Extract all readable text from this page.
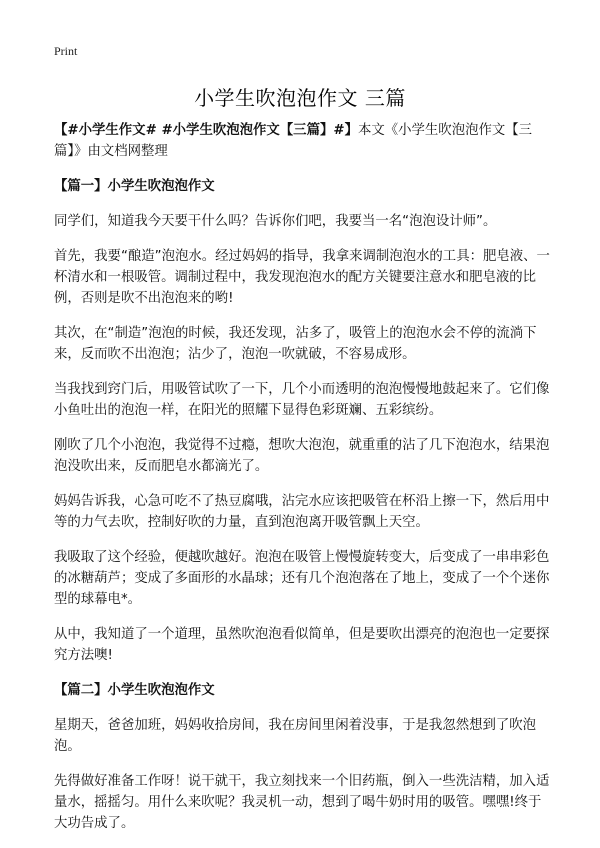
Print
小学生吹泡泡作文 三篇

【#小学生作文# #小学生吹泡泡作文【三篇】#】本文《小学生吹泡泡作文【三篇】》由文档网整理

【篇一】小学生吹泡泡作文

同学们，知道我今天要干什么吗？告诉你们吧，我要当一名“泡泡设计师”。

首先，我要“酿造”泡泡水。经过妈妈的指导，我拿来调制泡泡水的工具：肥皂液、一杯清水和一根吸管。调制过程中，我发现泡泡水的配方关键要注意水和肥皂液的比例，否则是吹不出泡泡来的哟!

其次，在“制造”泡泡的时候，我还发现，沾多了，吸管上的泡泡水会不停的流淌下来，反而吹不出泡泡；沾少了，泡泡一吹就破，不容易成形。

当我找到窍门后，用吸管试吹了一下，几个小而透明的泡泡慢慢地鼓起来了。它们像小鱼吐出的泡泡一样，在阳光的照耀下显得色彩斑斓、五彩缤纷。

刚吹了几个小泡泡，我觉得不过瘾，想吹大泡泡，就重重的沾了几下泡泡水，结果泡泡没吹出来，反而肥皂水都滴光了。

妈妈告诉我，心急可吃不了热豆腐哦，沾完水应该把吸管在杯沿上擦一下，然后用中等的力气去吹，控制好吹的力量，直到泡泡离开吸管飘上天空。

我吸取了这个经验，便越吹越好。泡泡在吸管上慢慢旋转变大，后变成了一串串彩色的冰糖葫芦；变成了多面形的水晶球；还有几个泡泡落在了地上，变成了一个个迷你型的球幕电*。

从中，我知道了一个道理，虽然吹泡泡看似简单，但是要吹出漂亮的泡泡也一定要探究方法噢!

【篇二】小学生吹泡泡作文

星期天，爸爸加班，妈妈收拾房间，我在房间里闲着没事，于是我忽然想到了吹泡泡。

先得做好准备工作呀！说干就干，我立刻找来一个旧药瓶，倒入一些洗洁精，加入适量水，摇摇匀。用什么来吹呢？我灵机一动，想到了喝牛奶时用的吸管。嘿嘿!终于大功告成了。
